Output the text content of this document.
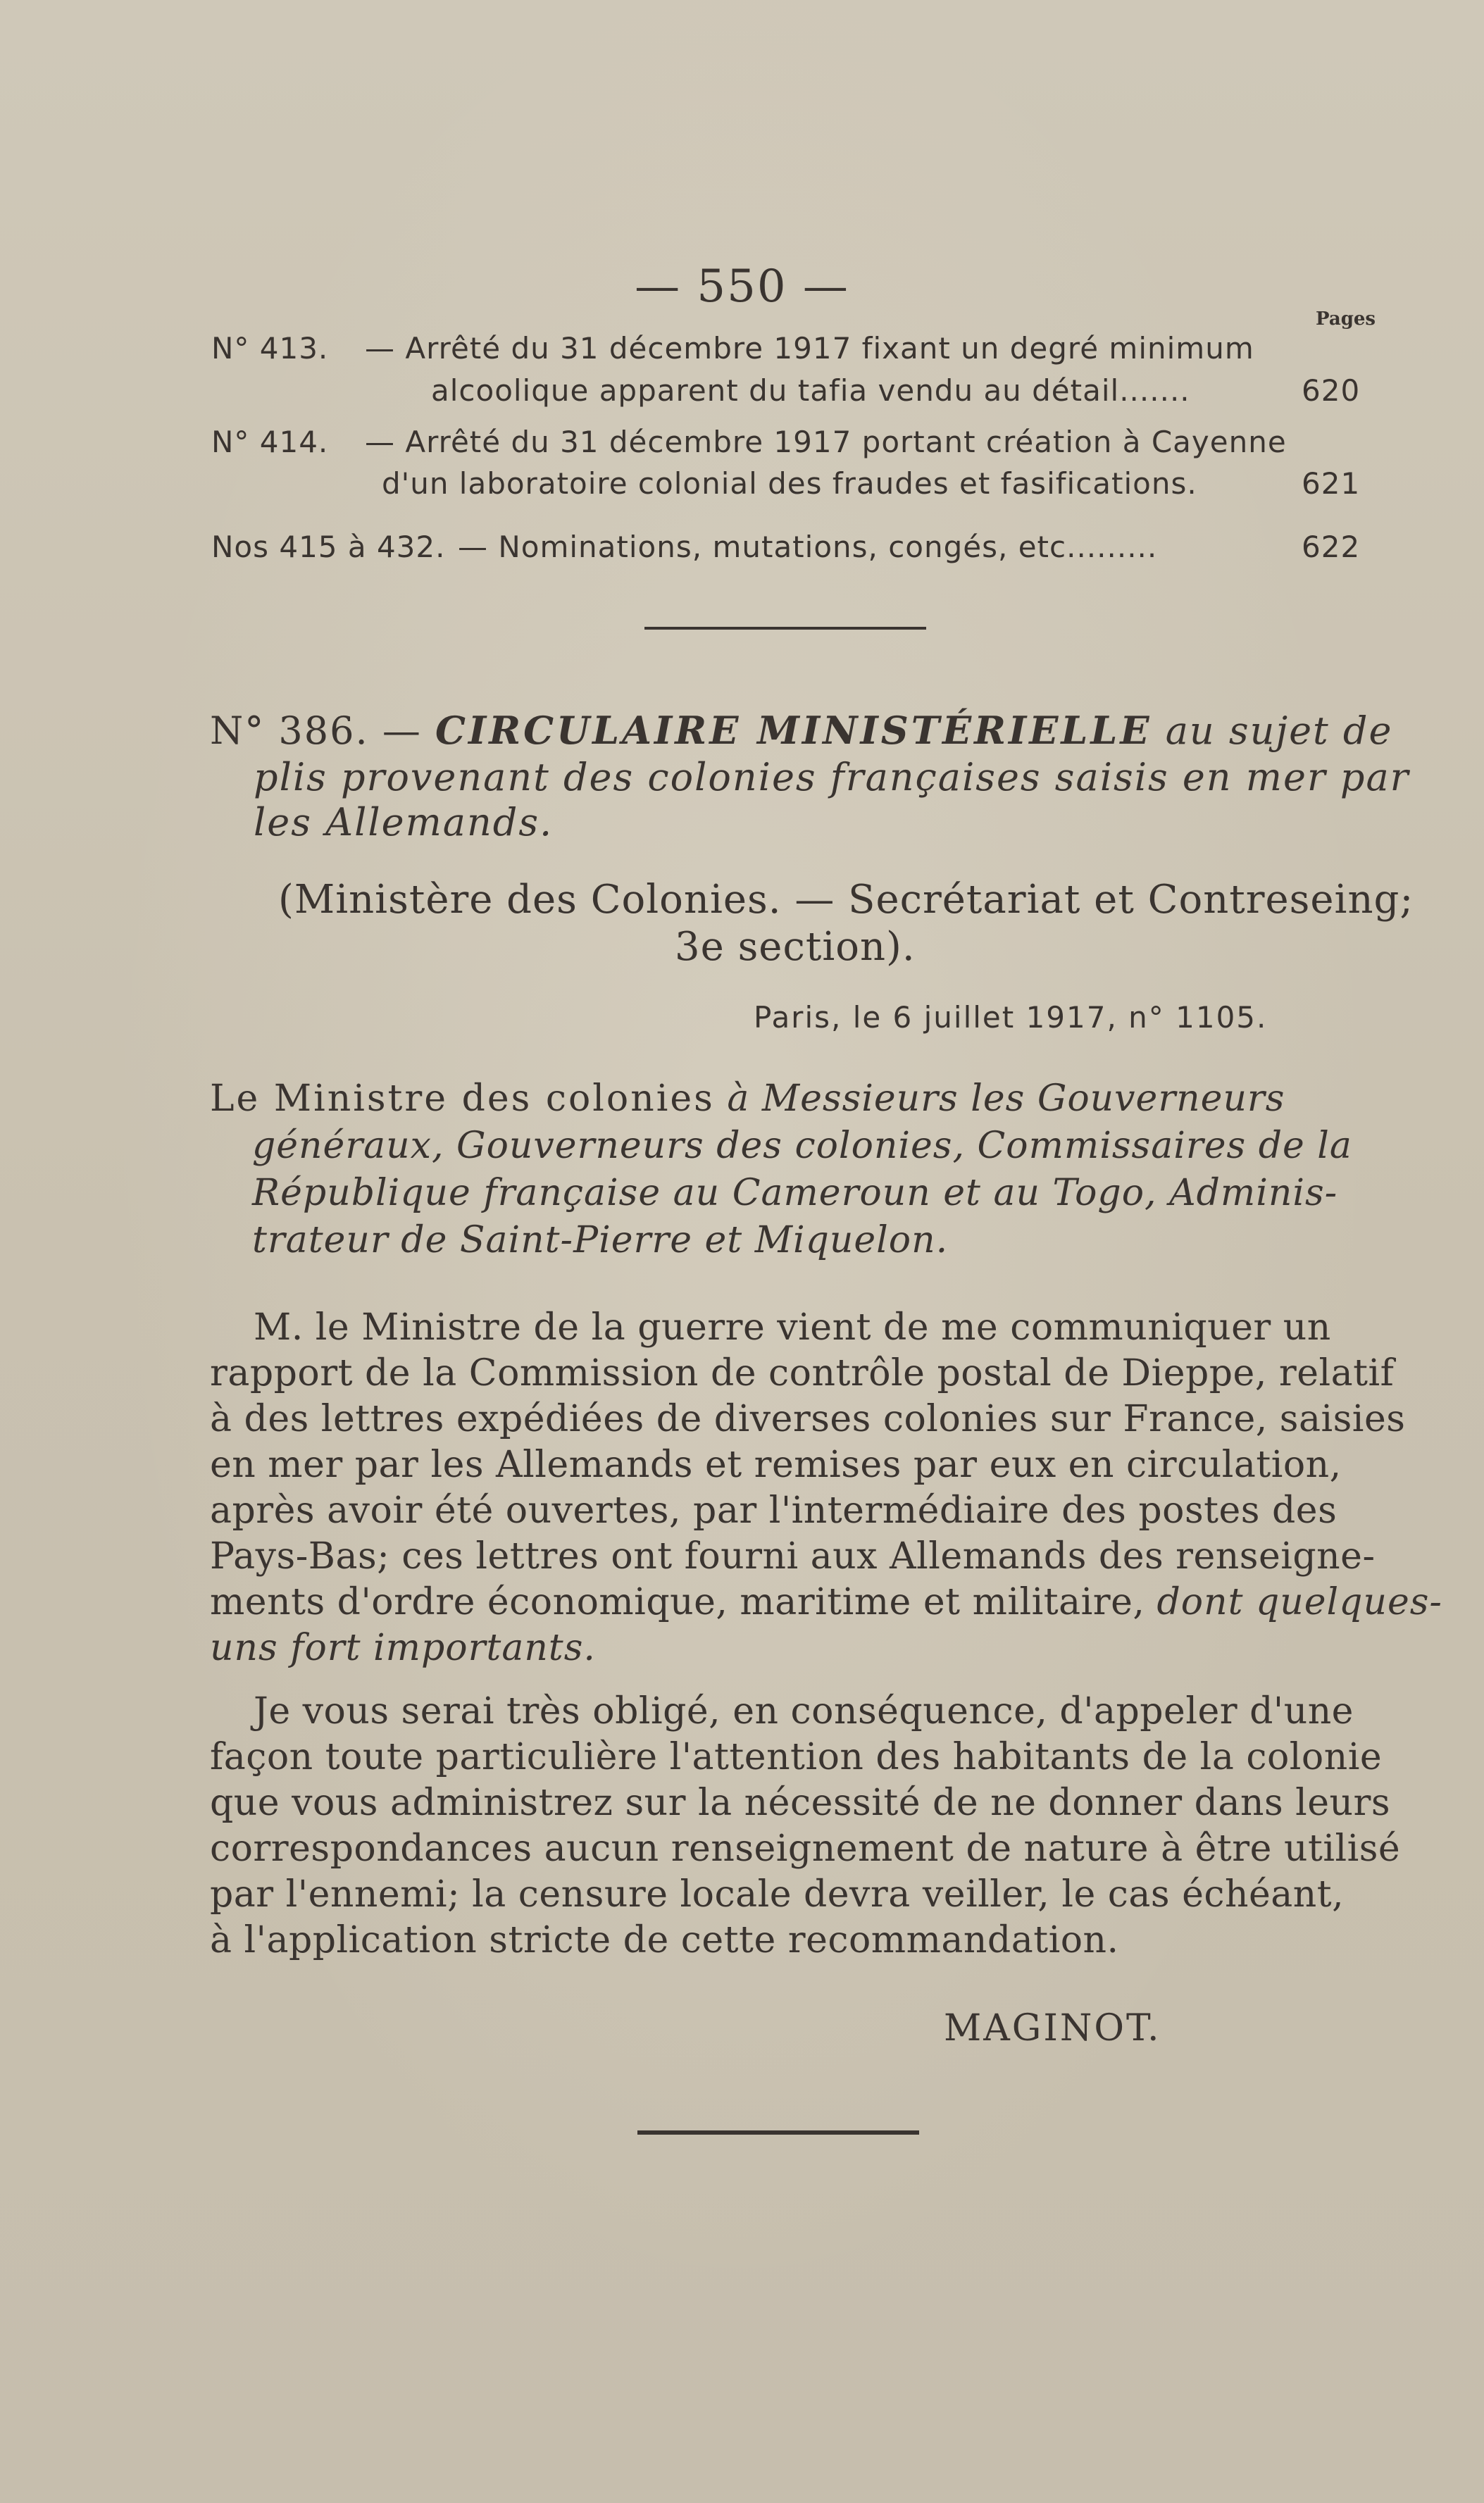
— 550 —
Pages
N° 413. — Arrêté du 31 décembre 1917 fixant un degré minimum
alcoolique apparent du tafia vendu au détail.......	620
N° 414. — Arrêté du 31 décembre 1917 portant création à Cayenne
d'un laboratoire colonial des fraudes et fasifications.	621
Nos 415 à 432. — Nominations, mutations, congés, etc.........	622
N° 386. — CIRCULAIRE MINISTÉRIELLE au sujet de
plis provenant des colonies françaises saisis en mer par
les Allemands.
(Ministère des Colonies. — Secrétariat et Contreseing;
3e section).
Paris, le 6 juillet 1917, n° 1105.
Le Ministre des colonies à Messieurs les Gouverneurs
généraux, Gouverneurs des colonies, Commissaires de la
République française au Cameroun et au Togo, Adminis-
trateur de Saint-Pierre et Miquelon.
M. le Ministre de la guerre vient de me communiquer un
rapport de la Commission de contrôle postal de Dieppe, relatif
à des lettres expédiées de diverses colonies sur France, saisies
en mer par les Allemands et remises par eux en circulation,
après avoir été ouvertes, par l'intermédiaire des postes des
Pays-Bas; ces lettres ont fourni aux Allemands des renseigne-
ments d'ordre économique, maritime et militaire, dont quelques-
uns fort importants.
Je vous serai très obligé, en conséquence, d'appeler d'une
façon toute particulière l'attention des habitants de la colonie
que vous administrez sur la nécessité de ne donner dans leurs
correspondances aucun renseignement de nature à être utilisé
par l'ennemi; la censure locale devra veiller, le cas échéant,
à l'application stricte de cette recommandation.
MAGINOT.
